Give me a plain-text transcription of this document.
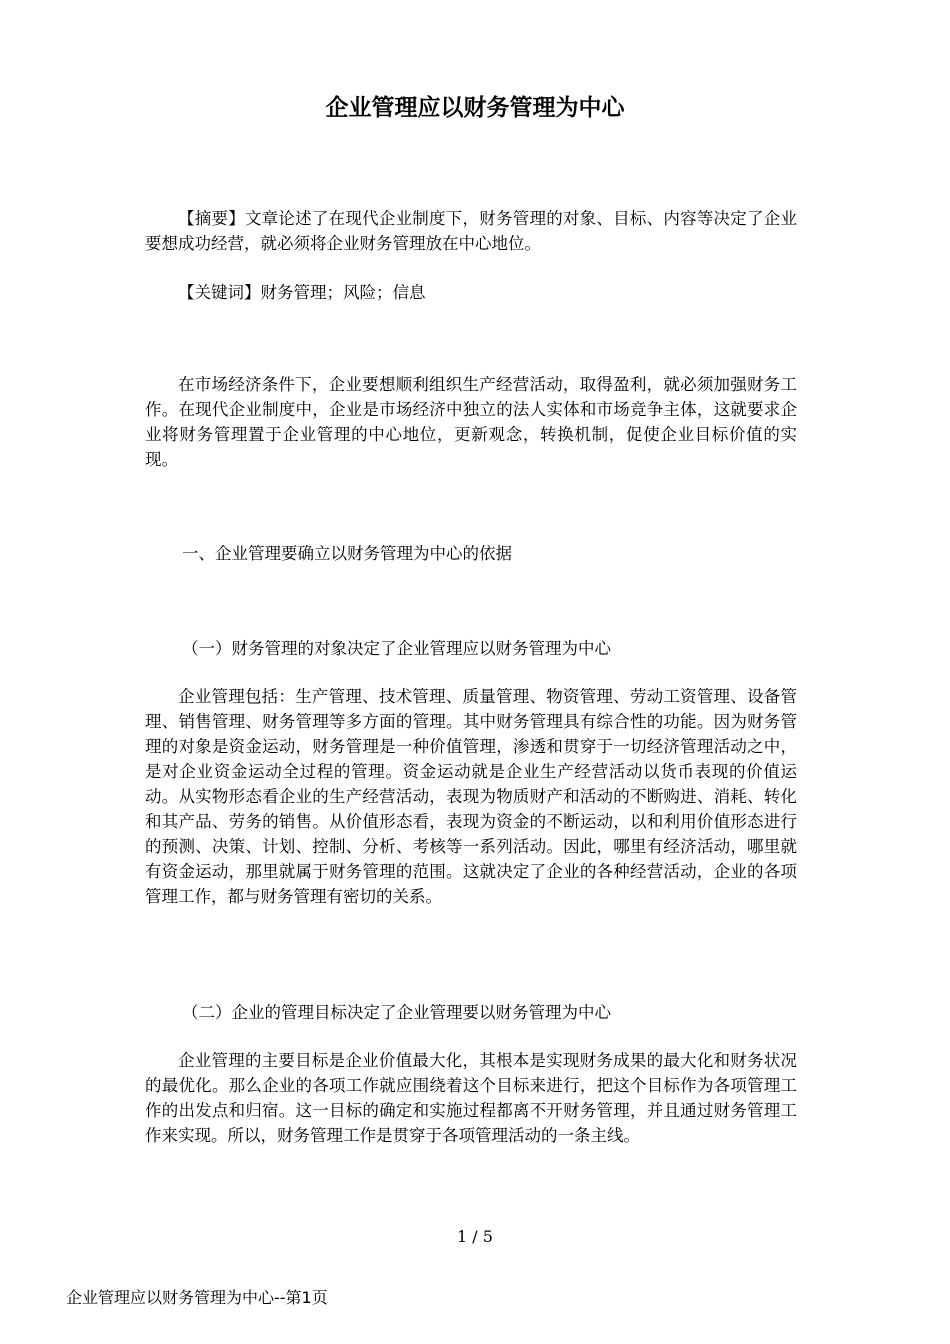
企业管理应以财务管理为中心

【摘要】文章论述了在现代企业制度下，财务管理的对象、目标、内容等决定了企业要想成功经营，就必须将企业财务管理放在中心地位。

【关键词】财务管理；风险；信息

在市场经济条件下，企业要想顺利组织生产经营活动，取得盈利，就必须加强财务工作。在现代企业制度中，企业是市场经济中独立的法人实体和市场竞争主体，这就要求企业将财务管理置于企业管理的中心地位，更新观念，转换机制，促使企业目标价值的实现。

一、企业管理要确立以财务管理为中心的依据

（一）财务管理的对象决定了企业管理应以财务管理为中心

企业管理包括：生产管理、技术管理、质量管理、物资管理、劳动工资管理、设备管理、销售管理、财务管理等多方面的管理。其中财务管理具有综合性的功能。因为财务管理的对象是资金运动，财务管理是一种价值管理，渗透和贯穿于一切经济管理活动之中，是对企业资金运动全过程的管理。资金运动就是企业生产经营活动以货币表现的价值运动。从实物形态看企业的生产经营活动，表现为物质财产和活动的不断购进、消耗、转化和其产品、劳务的销售。从价值形态看，表现为资金的不断运动，以和利用价值形态进行的预测、决策、计划、控制、分析、考核等一系列活动。因此，哪里有经济活动，哪里就有资金运动，那里就属于财务管理的范围。这就决定了企业的各种经营活动，企业的各项管理工作，都与财务管理有密切的关系。

（二）企业的管理目标决定了企业管理要以财务管理为中心

企业管理的主要目标是企业价值最大化，其根本是实现财务成果的最大化和财务状况的最优化。那么企业的各项工作就应围绕着这个目标来进行，把这个目标作为各项管理工作的出发点和归宿。这一目标的确定和实施过程都离不开财务管理，并且通过财务管理工作来实现。所以，财务管理工作是贯穿于各项管理活动的一条主线。

1 / 5
企业管理应以财务管理为中心--第1页
